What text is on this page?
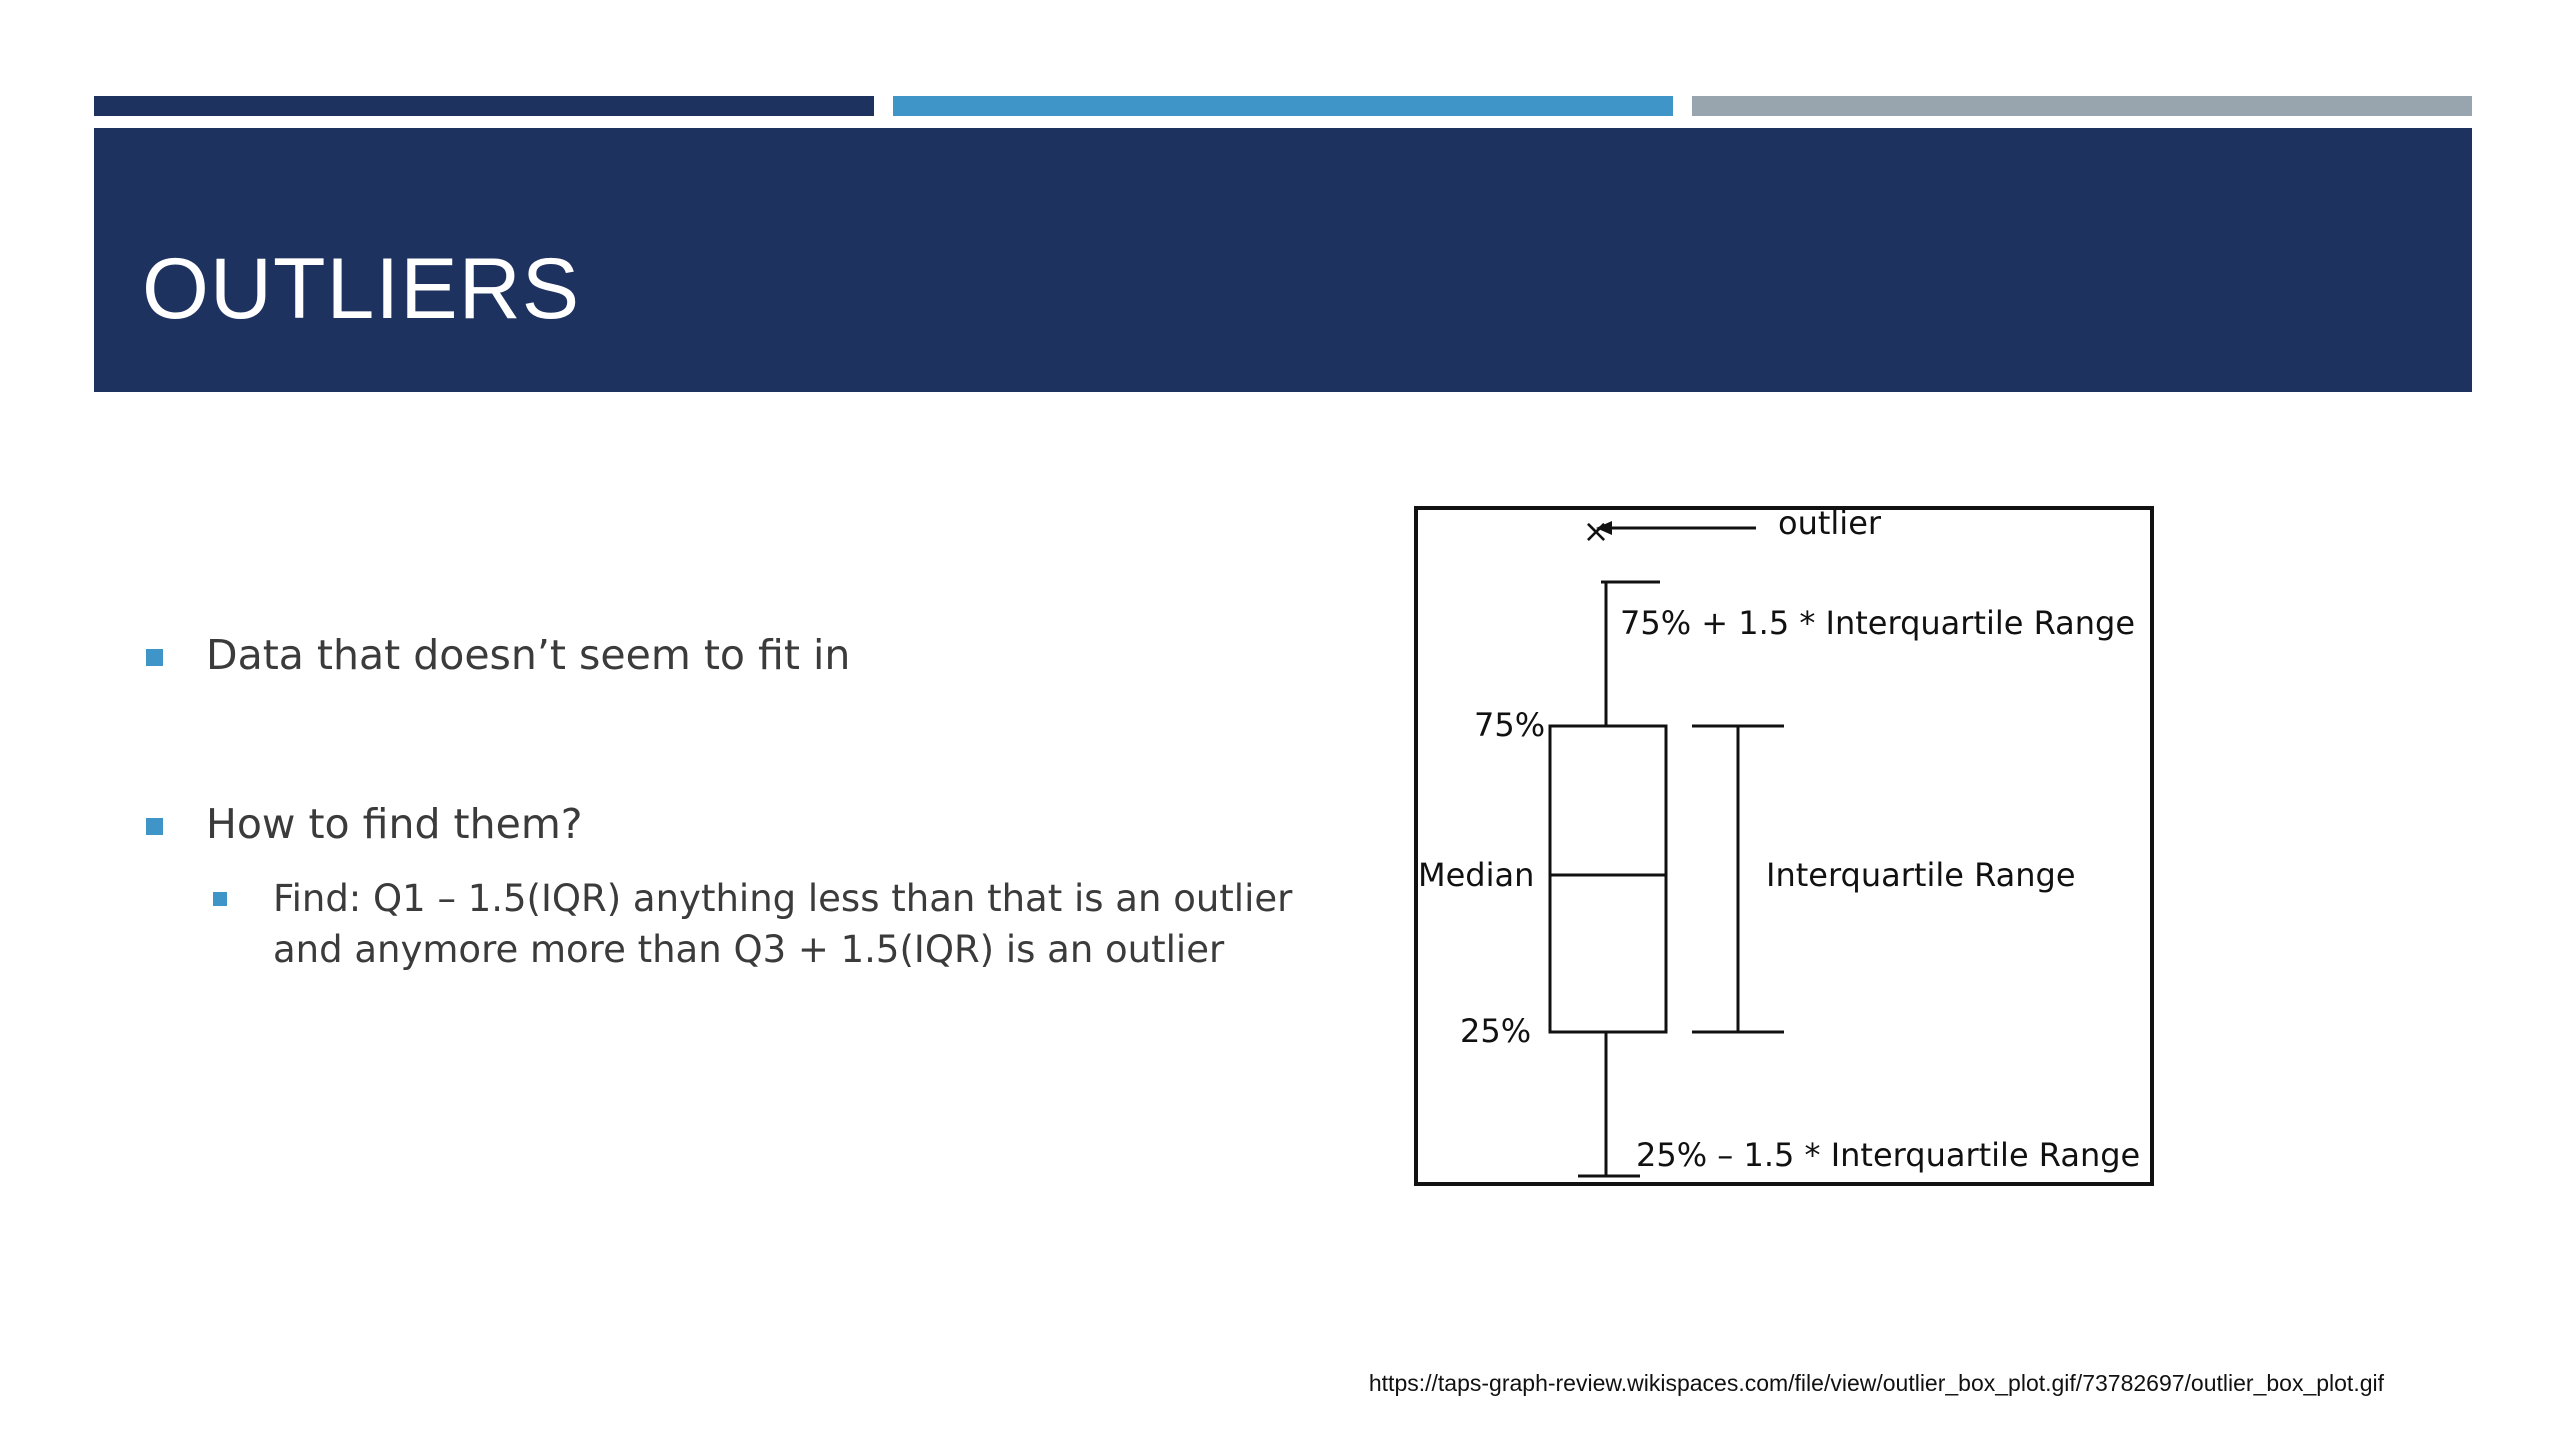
OUTLIERS
Data that doesn’t seem to fit in
How to find them?
Find: Q1 – 1.5(IQR) anything less than that is an outlier
and anymore more than Q3 + 1.5(IQR) is an outlier
×	outlier
75% + 1.5 * Interquartile Range
75%
Median	Interquartile Range
25%
25% – 1.5 * Interquartile Range
https://taps-graph-review.wikispaces.com/file/view/outlier_box_plot.gif/73782697/outlier_box_plot.gif
